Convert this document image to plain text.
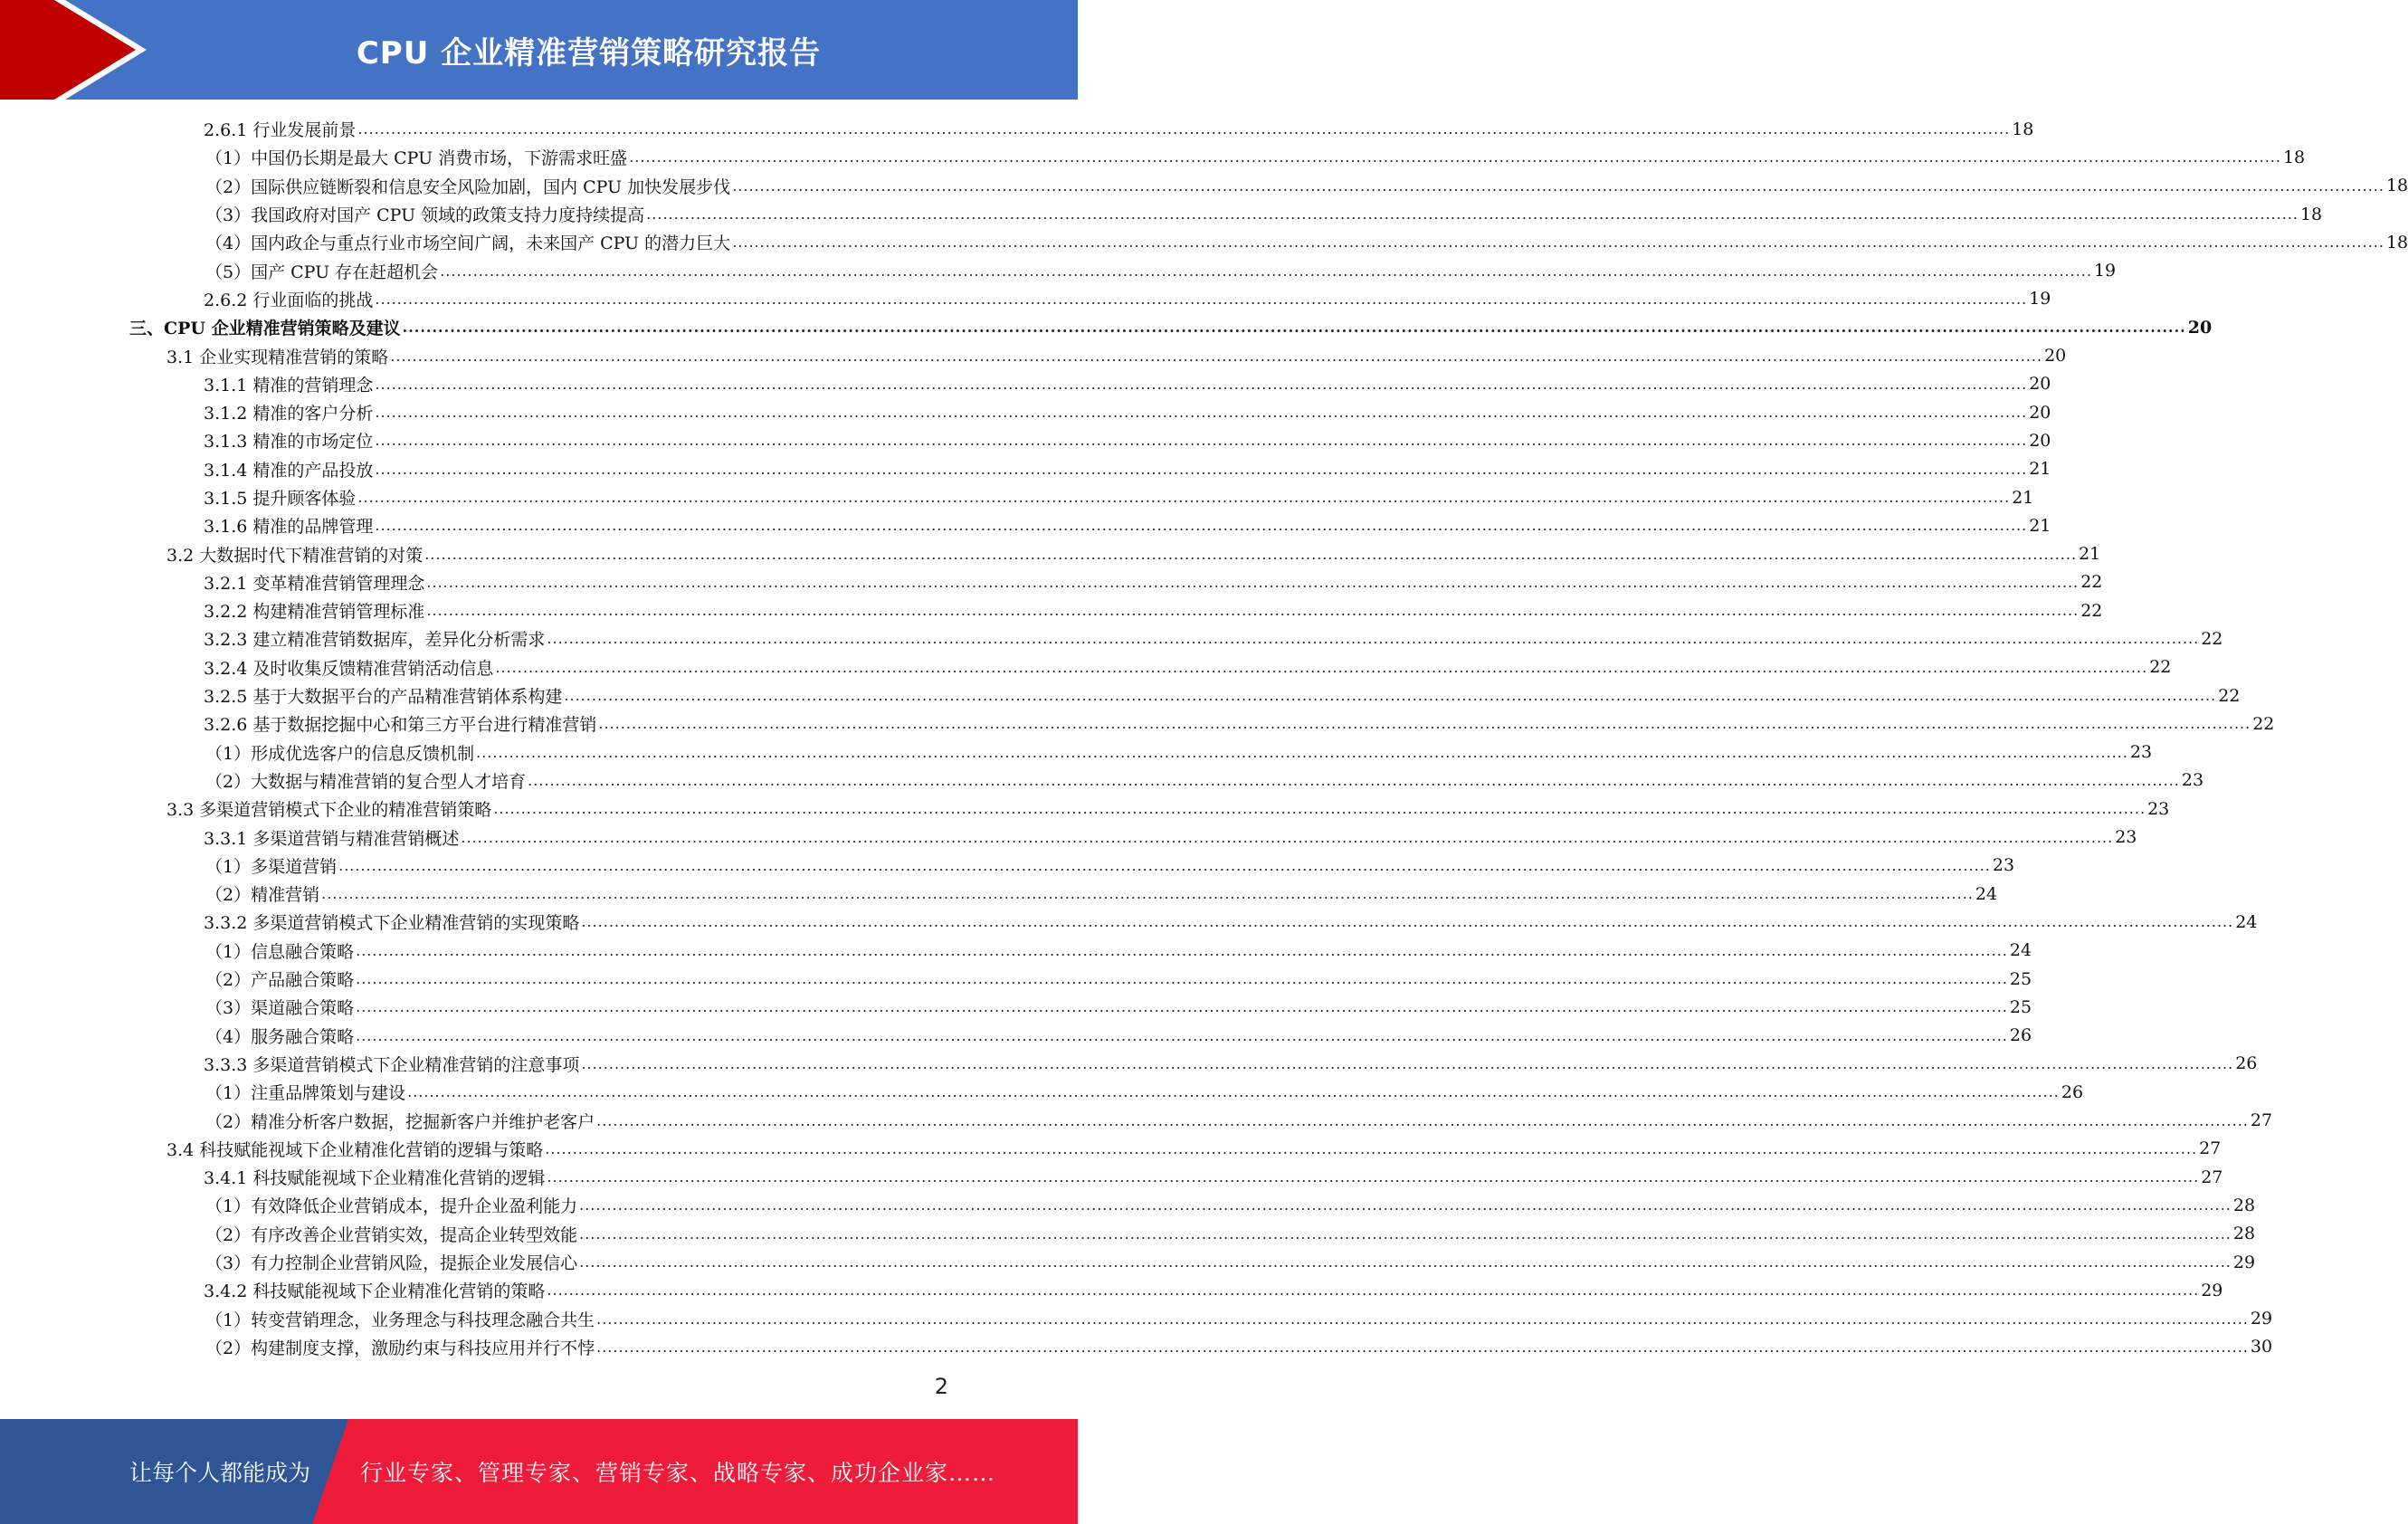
CPU 企业精准营销策略研究报告
2.6.1 行业发展前景 ............................................................................................................................................................................................................................................................................................................ 18
（1）中国仍长期是最大 CPU 消费市场，下游需求旺盛 ............................................................................................................................................................................................................................................................................................................ 18
（2）国际供应链断裂和信息安全风险加剧，国内 CPU 加快发展步伐 ............................................................................................................................................................................................................................................................................................................ 18
（3）我国政府对国产 CPU 领域的政策支持力度持续提高 ............................................................................................................................................................................................................................................................................................................ 18
（4）国内政企与重点行业市场空间广阔，未来国产 CPU 的潜力巨大 ............................................................................................................................................................................................................................................................................................................ 18
（5）国产 CPU 存在赶超机会 ............................................................................................................................................................................................................................................................................................................ 19
2.6.2 行业面临的挑战 ............................................................................................................................................................................................................................................................................................................ 19
三、CPU 企业精准营销策略及建议 ............................................................................................................................................................................................................................................................................................................ 20
3.1 企业实现精准营销的策略 ............................................................................................................................................................................................................................................................................................................ 20
3.1.1 精准的营销理念 ............................................................................................................................................................................................................................................................................................................ 20
3.1.2 精准的客户分析 ............................................................................................................................................................................................................................................................................................................ 20
3.1.3 精准的市场定位 ............................................................................................................................................................................................................................................................................................................ 20
3.1.4 精准的产品投放 ............................................................................................................................................................................................................................................................................................................ 21
3.1.5 提升顾客体验 ............................................................................................................................................................................................................................................................................................................ 21
3.1.6 精准的品牌管理 ............................................................................................................................................................................................................................................................................................................ 21
3.2 大数据时代下精准营销的对策 ............................................................................................................................................................................................................................................................................................................ 21
3.2.1 变革精准营销管理理念 ............................................................................................................................................................................................................................................................................................................ 22
3.2.2 构建精准营销管理标准 ............................................................................................................................................................................................................................................................................................................ 22
3.2.3 建立精准营销数据库，差异化分析需求 ............................................................................................................................................................................................................................................................................................................ 22
3.2.4 及时收集反馈精准营销活动信息 ............................................................................................................................................................................................................................................................................................................ 22
3.2.5 基于大数据平台的产品精准营销体系构建 ............................................................................................................................................................................................................................................................................................................ 22
3.2.6 基于数据挖掘中心和第三方平台进行精准营销 ............................................................................................................................................................................................................................................................................................................ 22
（1）形成优选客户的信息反馈机制 ............................................................................................................................................................................................................................................................................................................ 23
（2）大数据与精准营销的复合型人才培育 ............................................................................................................................................................................................................................................................................................................ 23
3.3 多渠道营销模式下企业的精准营销策略 ............................................................................................................................................................................................................................................................................................................ 23
3.3.1 多渠道营销与精准营销概述 ............................................................................................................................................................................................................................................................................................................ 23
（1）多渠道营销 ............................................................................................................................................................................................................................................................................................................ 23
（2）精准营销 ............................................................................................................................................................................................................................................................................................................ 24
3.3.2 多渠道营销模式下企业精准营销的实现策略 ............................................................................................................................................................................................................................................................................................................ 24
（1）信息融合策略 ............................................................................................................................................................................................................................................................................................................ 24
（2）产品融合策略 ............................................................................................................................................................................................................................................................................................................ 25
（3）渠道融合策略 ............................................................................................................................................................................................................................................................................................................ 25
（4）服务融合策略 ............................................................................................................................................................................................................................................................................................................ 26
3.3.3 多渠道营销模式下企业精准营销的注意事项 ............................................................................................................................................................................................................................................................................................................ 26
（1）注重品牌策划与建设 ............................................................................................................................................................................................................................................................................................................ 26
（2）精准分析客户数据，挖掘新客户并维护老客户 ............................................................................................................................................................................................................................................................................................................ 27
3.4 科技赋能视域下企业精准化营销的逻辑与策略 ............................................................................................................................................................................................................................................................................................................ 27
3.4.1 科技赋能视域下企业精准化营销的逻辑 ............................................................................................................................................................................................................................................................................................................ 27
（1）有效降低企业营销成本，提升企业盈利能力 ............................................................................................................................................................................................................................................................................................................ 28
（2）有序改善企业营销实效，提高企业转型效能 ............................................................................................................................................................................................................................................................................................................ 28
（3）有力控制企业营销风险，提振企业发展信心 ............................................................................................................................................................................................................................................................................................................ 29
3.4.2 科技赋能视域下企业精准化营销的策略 ............................................................................................................................................................................................................................................................................................................ 29
（1）转变营销理念，业务理念与科技理念融合共生 ............................................................................................................................................................................................................................................................................................................ 29
（2）构建制度支撑，激励约束与科技应用并行不悖 ............................................................................................................................................................................................................................................................................................................ 30
2
让每个人都能成为 行业专家、管理专家、营销专家、战略专家、成功企业家……
